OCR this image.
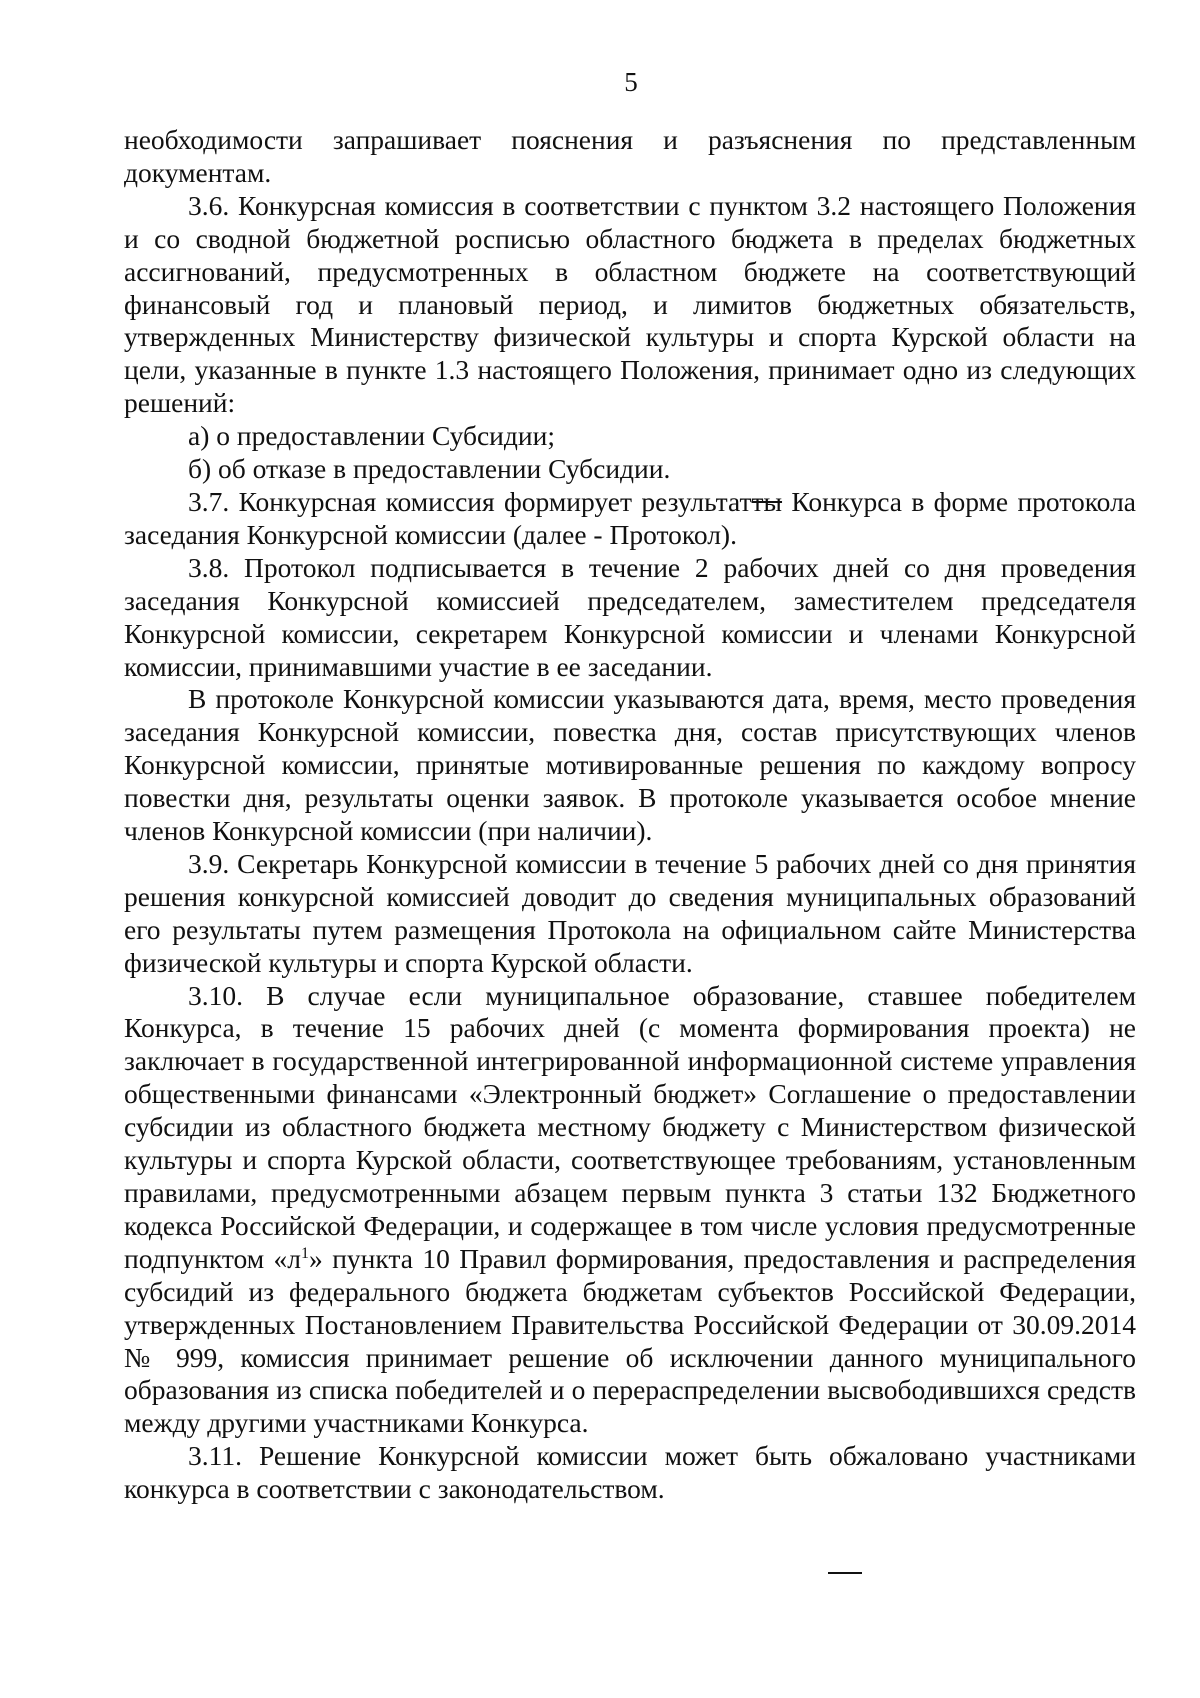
5

необходимости запрашивает пояснения и разъяснения по представленным документам.

3.6. Конкурсная комиссия в соответствии с пунктом 3.2 настоящего Положения и со сводной бюджетной росписью областного бюджета в пределах бюджетных ассигнований, предусмотренных в областном бюджете на соответствующий финансовый год и плановый период, и лимитов бюджетных обязательств, утвержденных Министерству физической культуры и спорта Курской области на цели, указанные в пункте 1.3 настоящего Положения, принимает одно из следующих решений:

а) о предоставлении Субсидии;

б) об отказе в предоставлении Субсидии.

3.7. Конкурсная комиссия формирует результатты Конкурса в форме протокола заседания Конкурсной комиссии (далее - Протокол).

3.8. Протокол подписывается в течение 2 рабочих дней со дня проведения заседания Конкурсной комиссией председателем, заместителем председателя Конкурсной комиссии, секретарем Конкурсной комиссии и членами Конкурсной комиссии, принимавшими участие в ее заседании.

В протоколе Конкурсной комиссии указываются дата, время, место проведения заседания Конкурсной комиссии, повестка дня, состав присутствующих членов Конкурсной комиссии, принятые мотивированные решения по каждому вопросу повестки дня, результаты оценки заявок. В протоколе указывается особое мнение членов Конкурсной комиссии (при наличии).

3.9. Секретарь Конкурсной комиссии в течение 5 рабочих дней со дня принятия решения конкурсной комиссией доводит до сведения муниципальных образований его результаты путем размещения Протокола на официальном сайте Министерства физической культуры и спорта Курской области.

3.10. В случае если муниципальное образование, ставшее победителем Конкурса, в течение 15 рабочих дней (с момента формирования проекта) не заключает в государственной интегрированной информационной системе управления общественными финансами «Электронный бюджет» Соглашение о предоставлении субсидии из областного бюджета местному бюджету с Министерством физической культуры и спорта Курской области, соответствующее требованиям, установленным правилами, предусмотренными абзацем первым пункта 3 статьи 132 Бюджетного кодекса Российской Федерации, и содержащее в том числе условия предусмотренные подпунктом «$л^1$» пункта 10 Правил формирования, предоставления и распределения субсидий из федерального бюджета бюджетам субъектов Российской Федерации, утвержденных Постановлением Правительства Российской Федерации от 30.09.2014 № 999, комиссия принимает решение об исключении данного муниципального образования из списка победителей и о перераспределении высвободившихся средств между другими участниками Конкурса.

3.11. Решение Конкурсной комиссии может быть обжаловано участниками конкурса в соответствии с законодательством.
